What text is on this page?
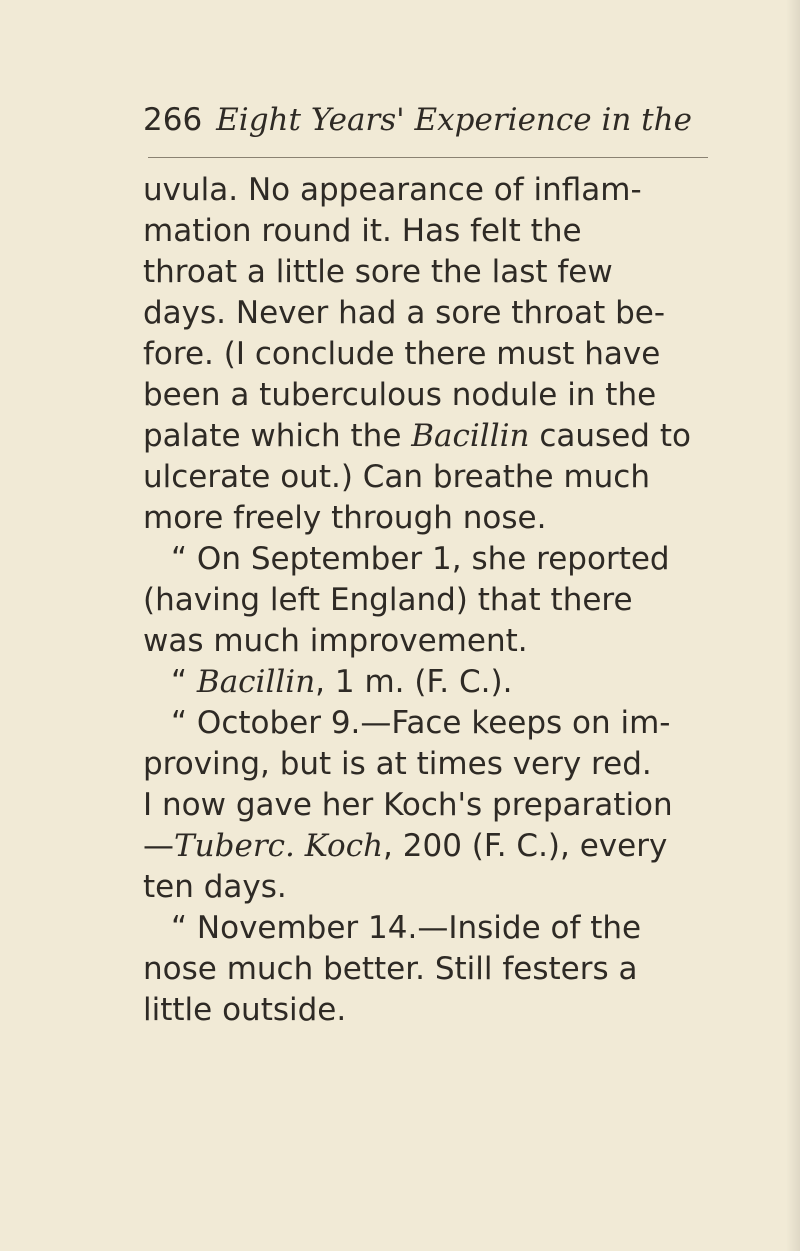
266 Eight Years' Experience in the
uvula. No appearance of inflam-
mation round it. Has felt the
throat a little sore the last few
days. Never had a sore throat be-
fore. (I conclude there must have
been a tuberculous nodule in the
palate which the Bacillin caused to
ulcerate out.) Can breathe much
more freely through nose.
“ On September 1, she reported
(having left England) that there
was much improvement.
“ Bacillin, 1 m. (F. C.).
“ October 9.—Face keeps on im-
proving, but is at times very red.
I now gave her Koch's preparation
—Tuberc. Koch, 200 (F. C.), every
ten days.
“ November 14.—Inside of the
nose much better. Still festers a
little outside.
